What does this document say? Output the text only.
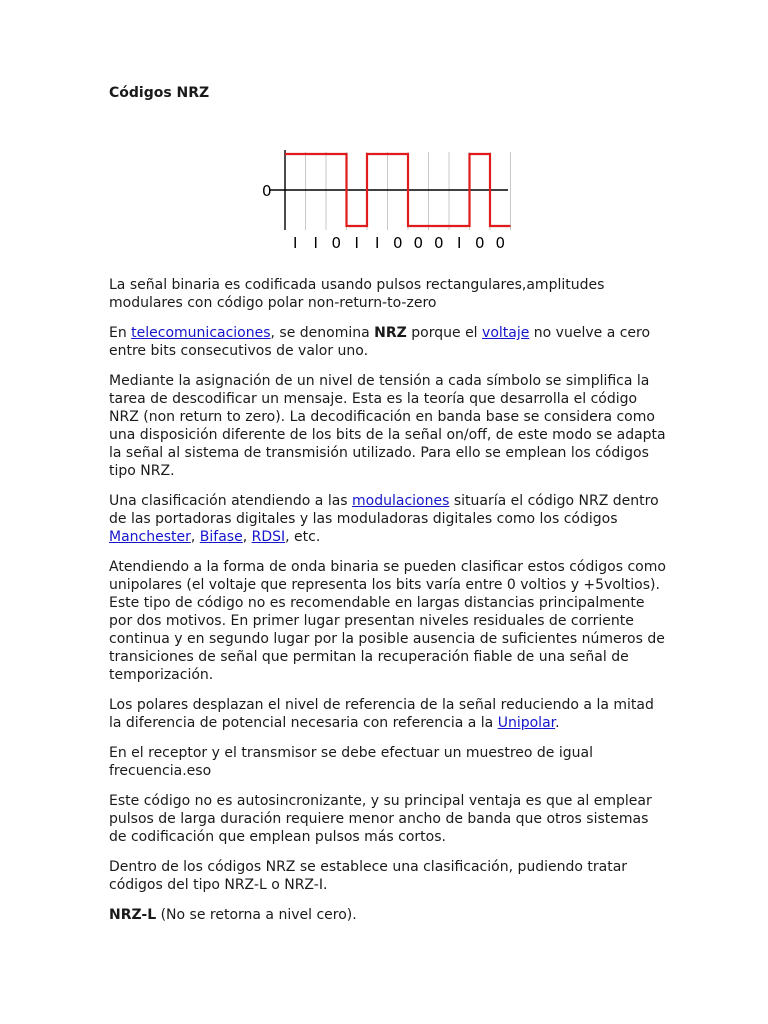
Códigos NRZ
0
I I 0 I I 0 0 0 I 0 0

La señal binaria es codificada usando pulsos rectangulares,amplitudes modulares con código polar non-return-to-zero

En telecomunicaciones, se denomina NRZ porque el voltaje no vuelve a cero entre bits consecutivos de valor uno.

Mediante la asignación de un nivel de tensión a cada símbolo se simplifica la tarea de descodificar un mensaje. Esta es la teoría que desarrolla el código NRZ (non return to zero). La decodificación en banda base se considera como una disposición diferente de los bits de la señal on/off, de este modo se adapta la señal al sistema de transmisión utilizado. Para ello se emplean los códigos tipo NRZ.

Una clasificación atendiendo a las modulaciones situaría el código NRZ dentro de las portadoras digitales y las moduladoras digitales como los códigos Manchester, Bifase, RDSI, etc.

Atendiendo a la forma de onda binaria se pueden clasificar estos códigos como unipolares (el voltaje que representa los bits varía entre 0 voltios y +5voltios). Este tipo de código no es recomendable en largas distancias principalmente por dos motivos. En primer lugar presentan niveles residuales de corriente continua y en segundo lugar por la posible ausencia de suficientes números de transiciones de señal que permitan la recuperación fiable de una señal de temporización.

Los polares desplazan el nivel de referencia de la señal reduciendo a la mitad la diferencia de potencial necesaria con referencia a la Unipolar.

En el receptor y el transmisor se debe efectuar un muestreo de igual frecuencia.eso

Este código no es autosincronizante, y su principal ventaja es que al emplear pulsos de larga duración requiere menor ancho de banda que otros sistemas de codificación que emplean pulsos más cortos.

Dentro de los códigos NRZ se establece una clasificación, pudiendo tratar códigos del tipo NRZ-L o NRZ-I.

NRZ-L (No se retorna a nivel cero).
